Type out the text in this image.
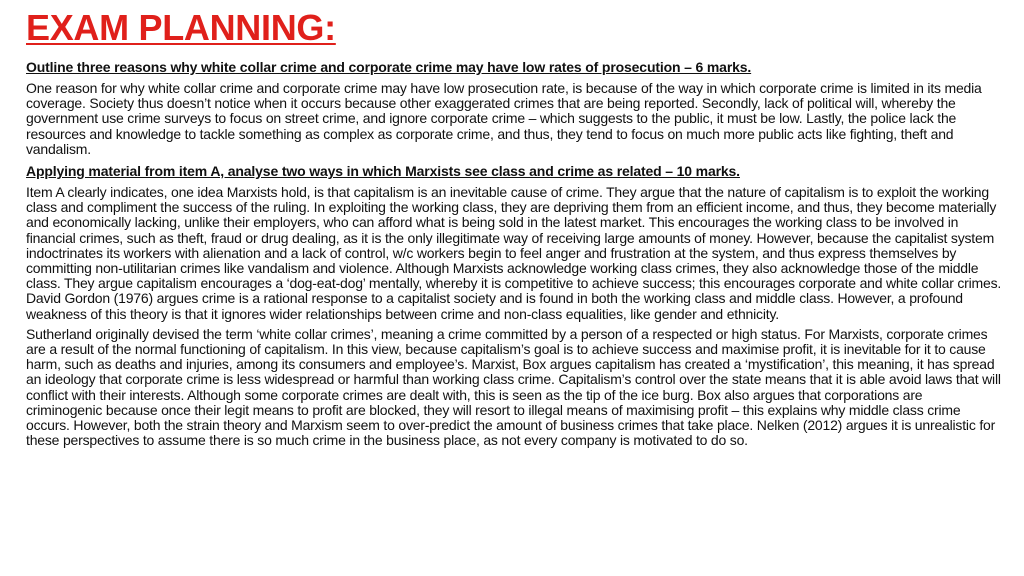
EXAM PLANNING:

Outline three reasons why white collar crime and corporate crime may have low rates of prosecution – 6 marks.

One reason for why white collar crime and corporate crime may have low prosecution rate, is because of the way in which corporate crime is limited in its media coverage. Society thus doesn’t notice when it occurs because other exaggerated crimes that are being reported. Secondly, lack of political will, whereby the government use crime surveys to focus on street crime, and ignore corporate crime – which suggests to the public, it must be low. Lastly, the police lack the resources and knowledge to tackle something as complex as corporate crime, and thus, they tend to focus on much more public acts like fighting, theft and vandalism.

Applying material from item A, analyse two ways in which Marxists see class and crime as related – 10 marks.

Item A clearly indicates, one idea Marxists hold, is that capitalism is an inevitable cause of crime. They argue that the nature of capitalism is to exploit the working class and compliment the success of the ruling. In exploiting the working class, they are depriving them from an efficient income, and thus, they become materially and economically lacking, unlike their employers, who can afford what is being sold in the latest market. This encourages the working class to be involved in financial crimes, such as theft, fraud or drug dealing, as it is the only illegitimate way of receiving large amounts of money. However, because the capitalist system indoctrinates its workers with alienation and a lack of control, w/c workers begin to feel anger and frustration at the system, and thus express themselves by committing non-utilitarian crimes like vandalism and violence. Although Marxists acknowledge working class crimes, they also acknowledge those of the middle class. They argue capitalism encourages a ‘dog-eat-dog’ mentally, whereby it is competitive to achieve success; this encourages corporate and white collar crimes. David Gordon (1976) argues crime is a rational response to a capitalist society and is found in both the working class and middle class. However, a profound weakness of this theory is that it ignores wider relationships between crime and non-class equalities, like gender and ethnicity.

Sutherland originally devised the term ‘white collar crimes’, meaning a crime committed by a person of a respected or high status. For Marxists, corporate crimes are a result of the normal functioning of capitalism. In this view, because capitalism’s goal is to achieve success and maximise profit, it is inevitable for it to cause harm, such as deaths and injuries, among its consumers and employee’s. Marxist, Box argues capitalism has created a ‘mystification’, this meaning, it has spread an ideology that corporate crime is less widespread or harmful than working class crime. Capitalism’s control over the state means that it is able avoid laws that will conflict with their interests. Although some corporate crimes are dealt with, this is seen as the tip of the ice burg. Box also argues that corporations are criminogenic because once their legit means to profit are blocked, they will resort to illegal means of maximising profit – this explains why middle class crime occurs. However, both the strain theory and Marxism seem to over-predict the amount of business crimes that take place. Nelken (2012) argues it is unrealistic for these perspectives to assume there is so much crime in the business place, as not every company is motivated to do so.
